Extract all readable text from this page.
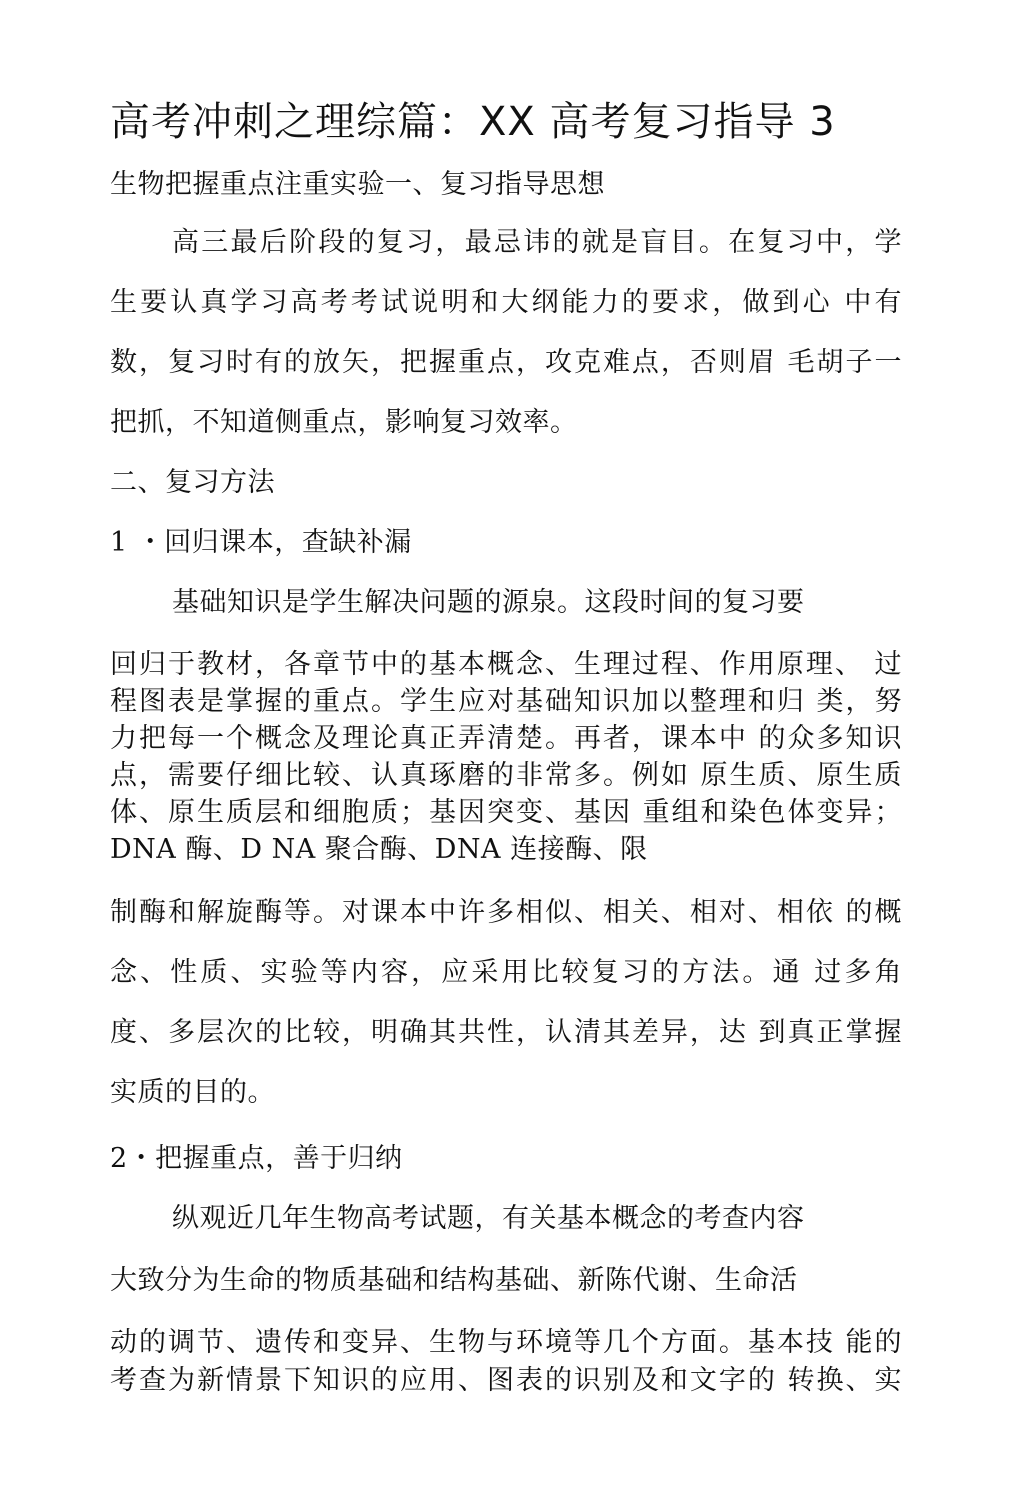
高考冲刺之理综篇：XX 高考复习指导 3

生物把握重点注重实验一、复习指导思想

高三最后阶段的复习，最忌讳的就是盲目。在复习中，学

生要认真学习高考考试说明和大纲能力的要求，做到心 中有

数，复习时有的放矢，把握重点，攻克难点，否则眉 毛胡子一

把抓，不知道侧重点，影响复习效率。

二、复习方法

1 ・回归课本，查缺补漏

基础知识是学生解决问题的源泉。这段时间的复习要

回归于教材，各章节中的基本概念、生理过程、作用原理、 过

程图表是掌握的重点。学生应对基础知识加以整理和归 类，努

力把每一个概念及理论真正弄清楚。再者，课本中 的众多知识

点，需要仔细比较、认真琢磨的非常多。例如 原生质、原生质

体、原生质层和细胞质；基因突变、基因 重组和染色体变异；

DNA 酶、D NA 聚合酶、DNA 连接酶、限

制酶和解旋酶等。对课本中许多相似、相关、相对、相依 的概

念、性质、实验等内容，应采用比较复习的方法。通 过多角

度、多层次的比较，明确其共性，认清其差异，达 到真正掌握

实质的目的。

2・把握重点，善于归纳

纵观近几年生物高考试题，有关基本概念的考查内容

大致分为生命的物质基础和结构基础、新陈代谢、生命活

动的调节、遗传和变异、生物与环境等几个方面。基本技 能的

考查为新情景下知识的应用、图表的识别及和文字的 转换、实
